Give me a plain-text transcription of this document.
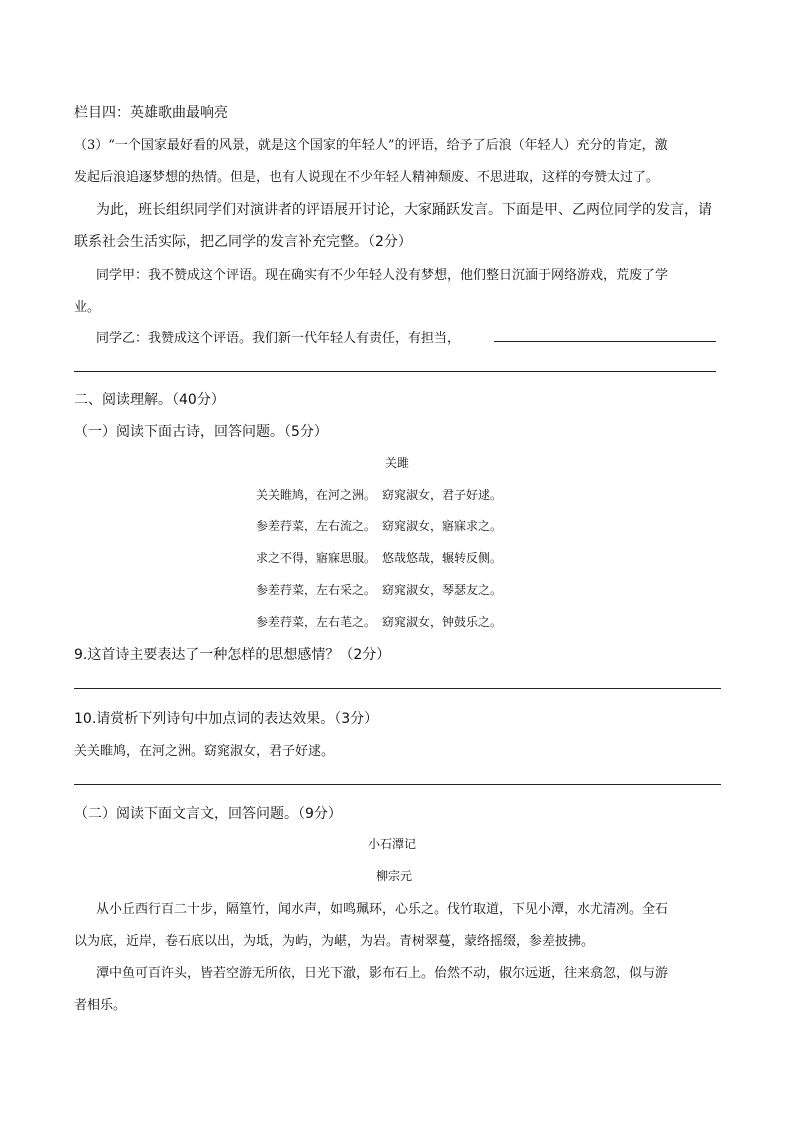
栏目四：英雄歌曲最响亮
（3）“一个国家最好看的风景，就是这个国家的年轻人”的评语，给予了后浪（年轻人）充分的肯定，激
发起后浪追逐梦想的热情。但是，也有人说现在不少年轻人精神颓废、不思进取，这样的夸赞太过了。
为此，班长组织同学们对演讲者的评语展开讨论，大家踊跃发言。下面是甲、乙两位同学的发言，请
联系社会生活实际，把乙同学的发言补充完整。（2分）
同学甲：我不赞成这个评语。现在确实有不少年轻人没有梦想，他们整日沉湎于网络游戏，荒废了学
业。
同学乙：我赞成这个评语。我们新一代年轻人有责任，有担当，
二、阅读理解。（40分）
（一）阅读下面古诗，回答问题。（5分）
关雎
关关睢鸠，在河之洲。　窈窕淑女，君子好逑。
参差荇菜，左右流之。　窈窕淑女，寤寐求之。
求之不得，寤寐思服。　悠哉悠哉，辗转反侧。
参差荇菜，左右采之。　窈窕淑女，琴瑟友之。
参差荇菜，左右芼之。　窈窕淑女，钟鼓乐之。
9.这首诗主要表达了一种怎样的思想感情？（2分）
10.请赏析下列诗句中加点词的表达效果。（3分）
关关睢鸠，在河之洲。窈窕淑女，君子好逑。
（二）阅读下面文言文，回答问题。（9分）
小石潭记
柳宗元
从小丘西行百二十步，隔篁竹，闻水声，如鸣珮环，心乐之。伐竹取道，下见小潭，水尤清冽。全石
以为底，近岸，卷石底以出，为坻，为屿，为嵁，为岩。青树翠蔓，蒙络摇缀，参差披拂。
潭中鱼可百许头，皆若空游无所依，日光下澈，影布石上。佁然不动，俶尔远逝，往来翕忽，似与游
者相乐。
